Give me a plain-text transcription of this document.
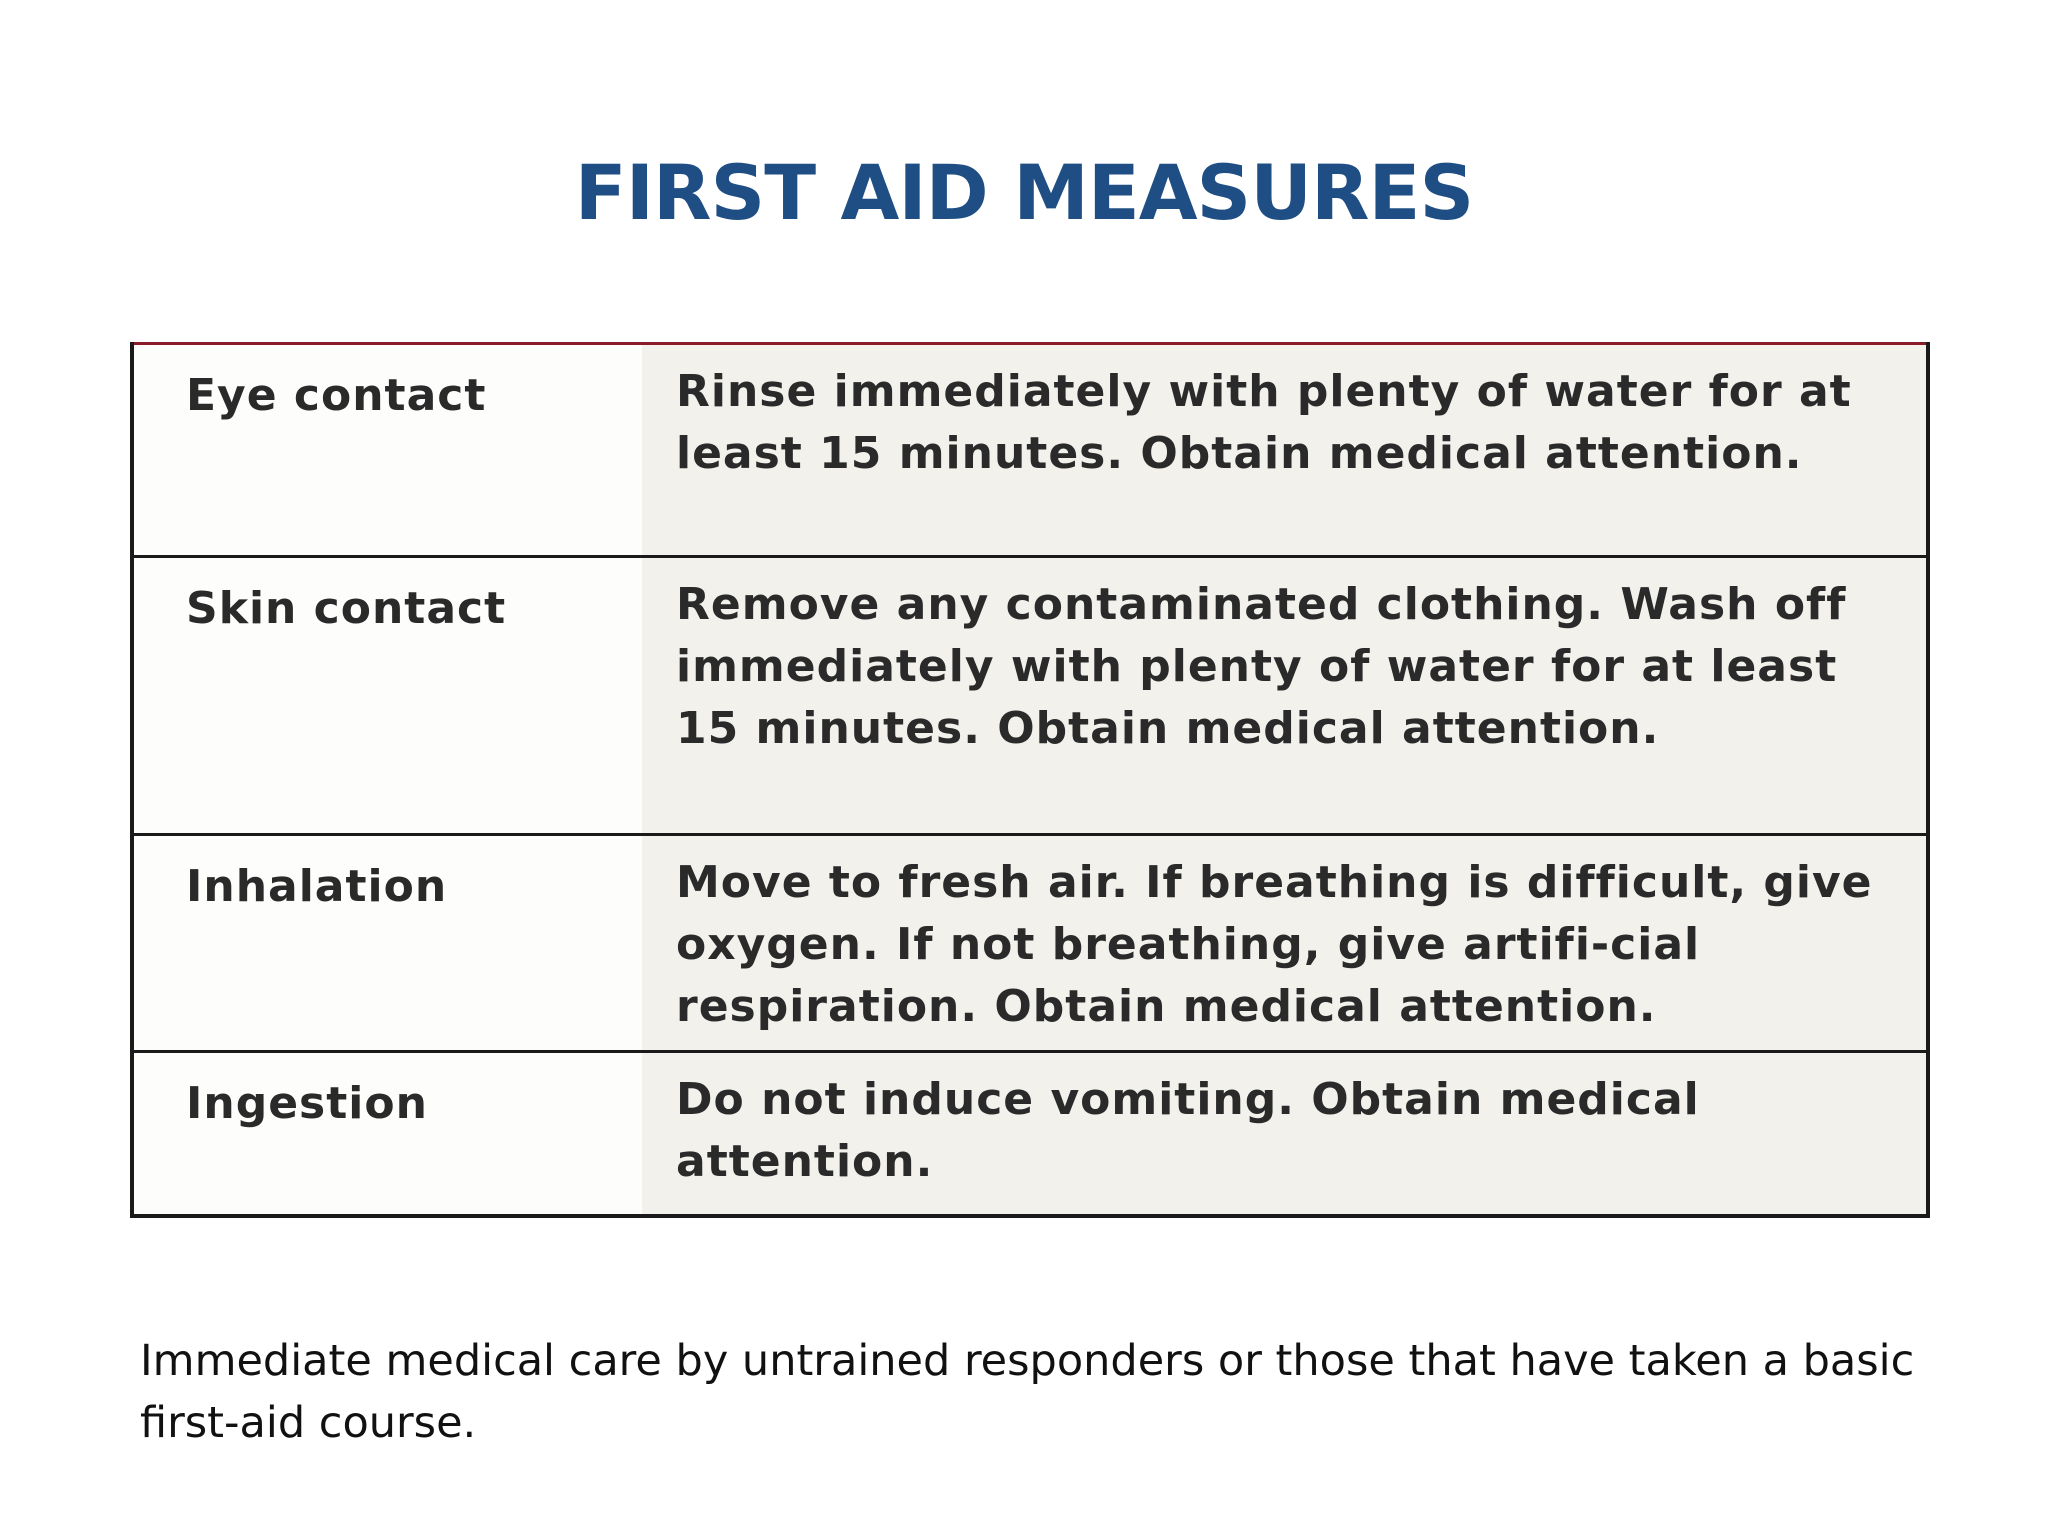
FIRST AID MEASURES
Eye contact	Rinse immediately with plenty of water for at least 15 minutes. Obtain medical attention.
Skin contact	Remove any contaminated clothing. Wash off immediately with plenty of water for at least 15 minutes. Obtain medical attention.
Inhalation	Move to fresh air. If breathing is difficult, give oxygen. If not breathing, give artifi-cial respiration. Obtain medical attention.
Ingestion	Do not induce vomiting. Obtain medical attention.
Immediate medical care by untrained responders or those that have taken a basic first-aid course.
